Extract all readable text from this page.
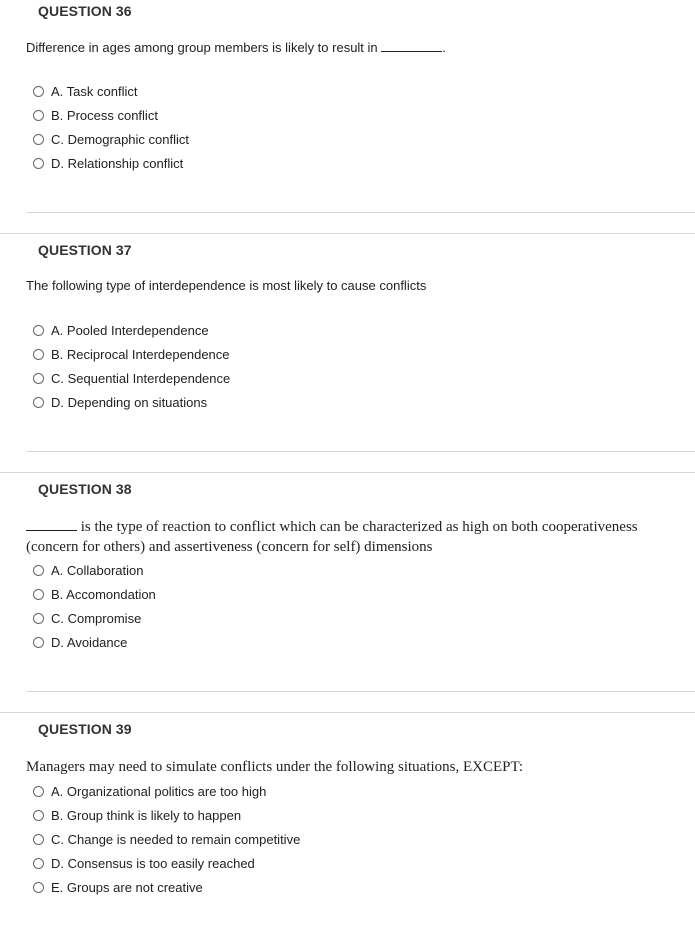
QUESTION 36
Difference in ages among group members is likely to result in	.
A. Task conflict
B. Process conflict
C. Demographic conflict
D. Relationship conflict
QUESTION 37
The following type of interdependence is most likely to cause conflicts
A. Pooled Interdependence
B. Reciprocal Interdependence
C. Sequential Interdependence
D. Depending on situations
QUESTION 38
is the type of reaction to conflict which can be characterized as high on both cooperativeness (concern for others) and assertiveness (concern for self) dimensions
A. Collaboration
B. Accomondation
C. Compromise
D. Avoidance
QUESTION 39
Managers may need to simulate conflicts under the following situations, EXCEPT:
A. Organizational politics are too high
B. Group think is likely to happen
C. Change is needed to remain competitive
D. Consensus is too easily reached
E. Groups are not creative
